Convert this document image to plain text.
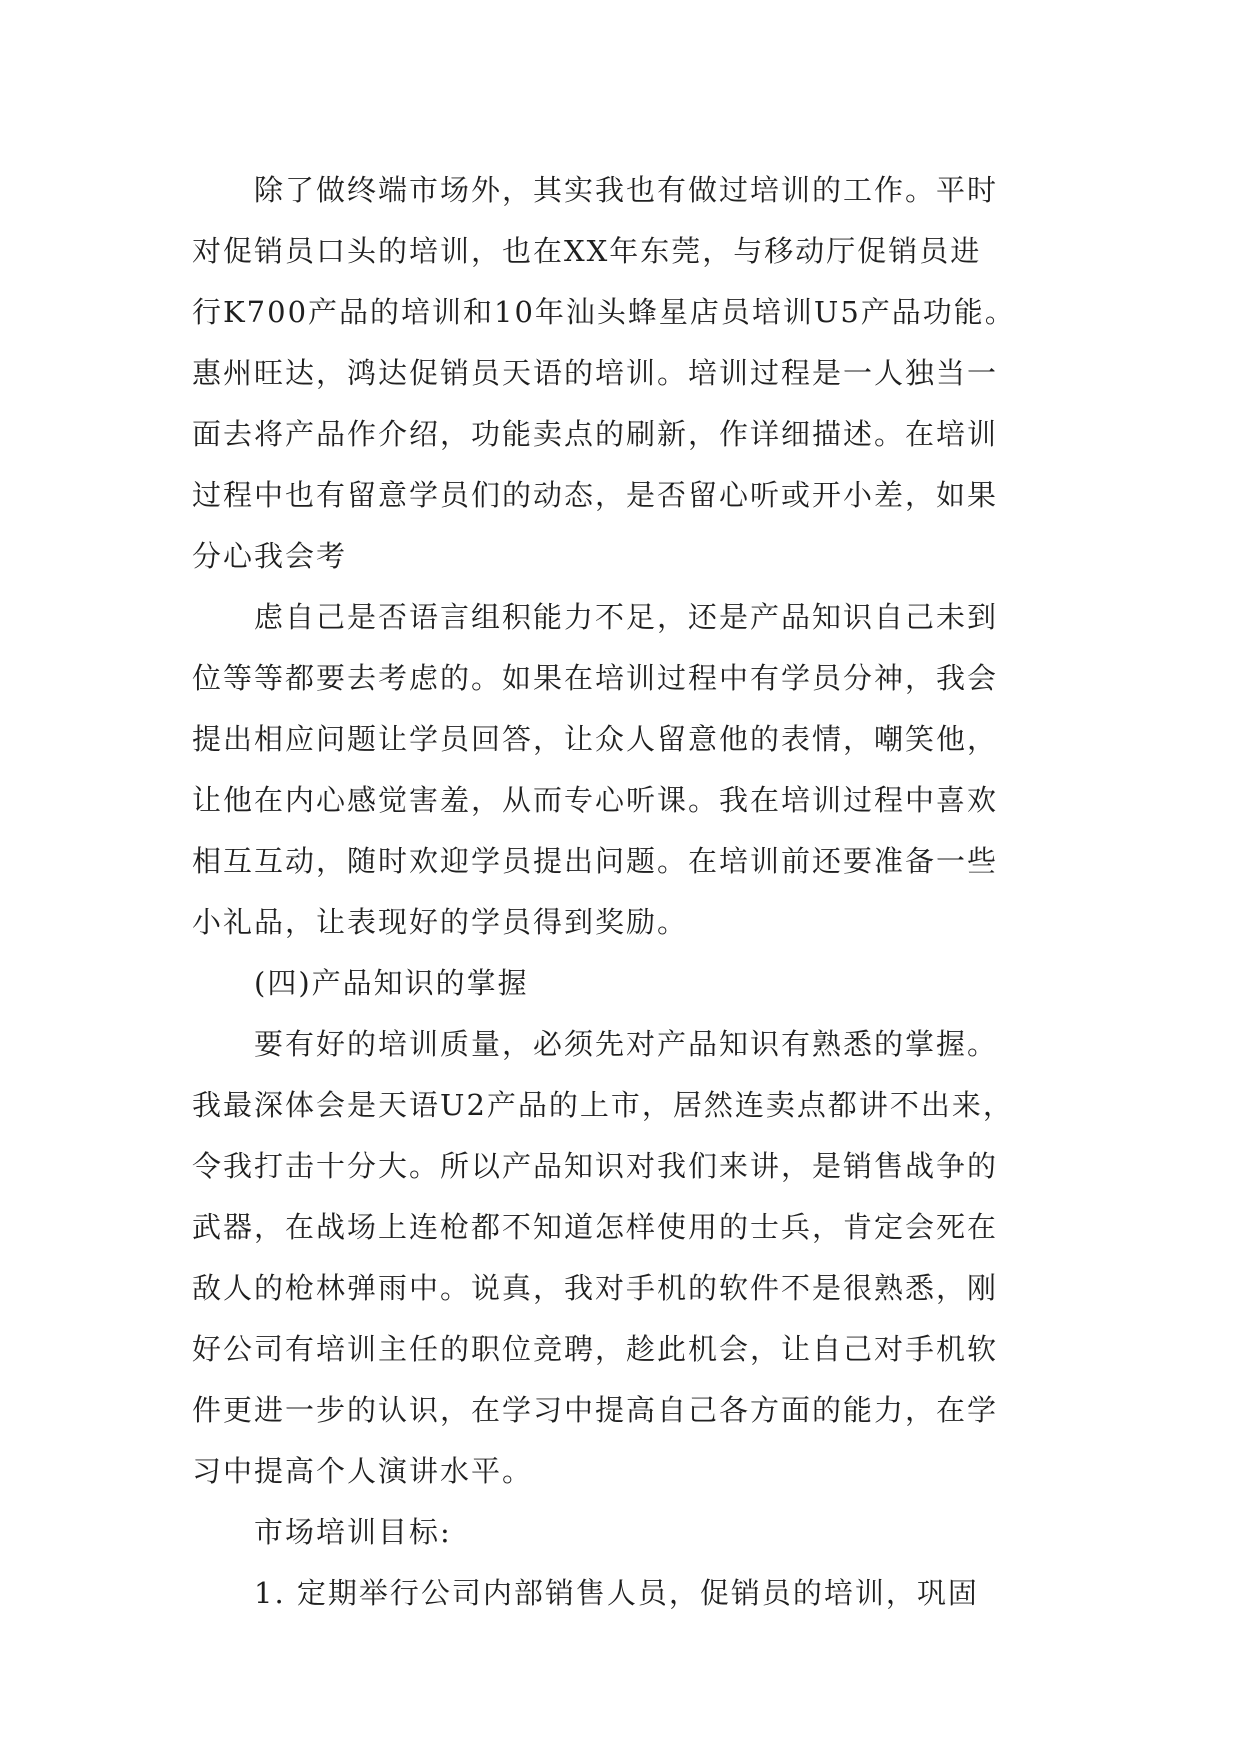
除了做终端市场外，其实我也有做过培训的工作。平时
对促销员口头的培训，也在XX年东莞，与移动厅促销员进
行K700产品的培训和10年汕头蜂星店员培训U5产品功能。
惠州旺达，鸿达促销员天语的培训。培训过程是一人独当一
面去将产品作介绍，功能卖点的刷新，作详细描述。在培训
过程中也有留意学员们的动态，是否留心听或开小差，如果
分心我会考
虑自己是否语言组积能力不足，还是产品知识自己未到
位等等都要去考虑的。如果在培训过程中有学员分神，我会
提出相应问题让学员回答，让众人留意他的表情，嘲笑他，
让他在内心感觉害羞，从而专心听课。我在培训过程中喜欢
相互互动，随时欢迎学员提出问题。在培训前还要准备一些
小礼品，让表现好的学员得到奖励。
(四)产品知识的掌握
要有好的培训质量，必须先对产品知识有熟悉的掌握。
我最深体会是天语U2产品的上市，居然连卖点都讲不出来，
令我打击十分大。所以产品知识对我们来讲，是销售战争的
武器，在战场上连枪都不知道怎样使用的士兵，肯定会死在
敌人的枪林弹雨中。说真，我对手机的软件不是很熟悉，刚
好公司有培训主任的职位竞聘，趁此机会，让自己对手机软
件更进一步的认识，在学习中提高自己各方面的能力，在学
习中提高个人演讲水平。
市场培训目标:
1. 定期举行公司内部销售人员，促销员的培训，巩固
